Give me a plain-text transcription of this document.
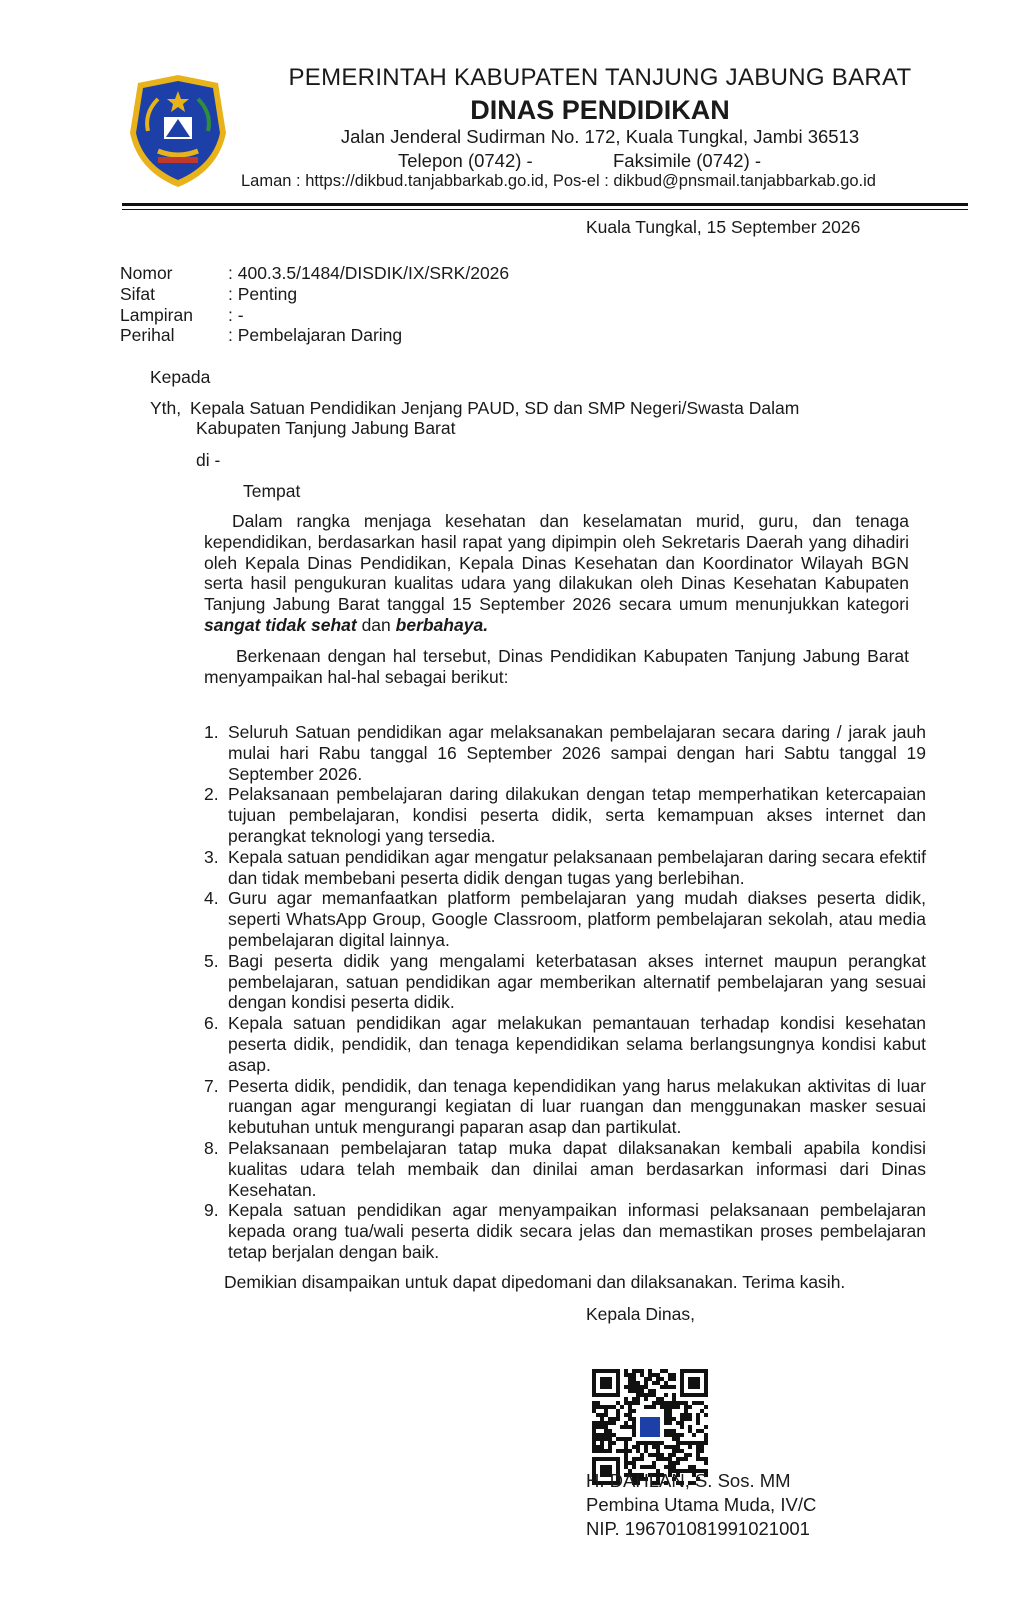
PEMERINTAH KABUPATEN TANJUNG JABUNG BARAT
DINAS PENDIDIKAN
Jalan Jenderal Sudirman No. 172, Kuala Tungkal, Jambi 36513
Telepon (0742) -	Faksimile (0742) -
Laman : https://dikbud.tanjabbarkab.go.id, Pos-el : dikbud@pnsmail.tanjabbarkab.go.id
Kuala Tungkal, 15 September 2026
Nomor	: 400.3.5/1484/DISDIK/IX/SRK/2026
Sifat	: Penting
Lampiran	: -
Perihal	: Pembelajaran Daring
Kepada
Yth, Kepala Satuan Pendidikan Jenjang PAUD, SD dan SMP Negeri/Swasta Dalam
Kabupaten Tanjung Jabung Barat
di -
Tempat
Dalam rangka menjaga kesehatan dan keselamatan murid, guru, dan tenaga kependidikan, berdasarkan hasil rapat yang dipimpin oleh Sekretaris Daerah yang dihadiri oleh Kepala Dinas Pendidikan, Kepala Dinas Kesehatan dan Koordinator Wilayah BGN serta hasil pengukuran kualitas udara yang dilakukan oleh Dinas Kesehatan Kabupaten Tanjung Jabung Barat tanggal 15 September 2026 secara umum menunjukkan kategori sangat tidak sehat dan berbahaya.
Berkenaan dengan hal tersebut, Dinas Pendidikan Kabupaten Tanjung Jabung Barat menyampaikan hal-hal sebagai berikut:
1. Seluruh Satuan pendidikan agar melaksanakan pembelajaran secara daring / jarak jauh mulai hari Rabu tanggal 16 September 2026 sampai dengan hari Sabtu tanggal 19 September 2026.
2. Pelaksanaan pembelajaran daring dilakukan dengan tetap memperhatikan ketercapaian tujuan pembelajaran, kondisi peserta didik, serta kemampuan akses internet dan perangkat teknologi yang tersedia.
3. Kepala satuan pendidikan agar mengatur pelaksanaan pembelajaran daring secara efektif dan tidak membebani peserta didik dengan tugas yang berlebihan.
4. Guru agar memanfaatkan platform pembelajaran yang mudah diakses peserta didik, seperti WhatsApp Group, Google Classroom, platform pembelajaran sekolah, atau media pembelajaran digital lainnya.
5. Bagi peserta didik yang mengalami keterbatasan akses internet maupun perangkat pembelajaran, satuan pendidikan agar memberikan alternatif pembelajaran yang sesuai dengan kondisi peserta didik.
6. Kepala satuan pendidikan agar melakukan pemantauan terhadap kondisi kesehatan peserta didik, pendidik, dan tenaga kependidikan selama berlangsungnya kondisi kabut asap.
7. Peserta didik, pendidik, dan tenaga kependidikan yang harus melakukan aktivitas di luar ruangan agar mengurangi kegiatan di luar ruangan dan menggunakan masker sesuai kebutuhan untuk mengurangi paparan asap dan partikulat.
8. Pelaksanaan pembelajaran tatap muka dapat dilaksanakan kembali apabila kondisi kualitas udara telah membaik dan dinilai aman berdasarkan informasi dari Dinas Kesehatan.
9. Kepala satuan pendidikan agar menyampaikan informasi pelaksanaan pembelajaran kepada orang tua/wali peserta didik secara jelas dan memastikan proses pembelajaran tetap berjalan dengan baik.
Demikian disampaikan untuk dapat dipedomani dan dilaksanakan. Terima kasih.
Kepala Dinas,
H. DAHLAN, S. Sos. MM
Pembina Utama Muda, IV/C
NIP. 196701081991021001
